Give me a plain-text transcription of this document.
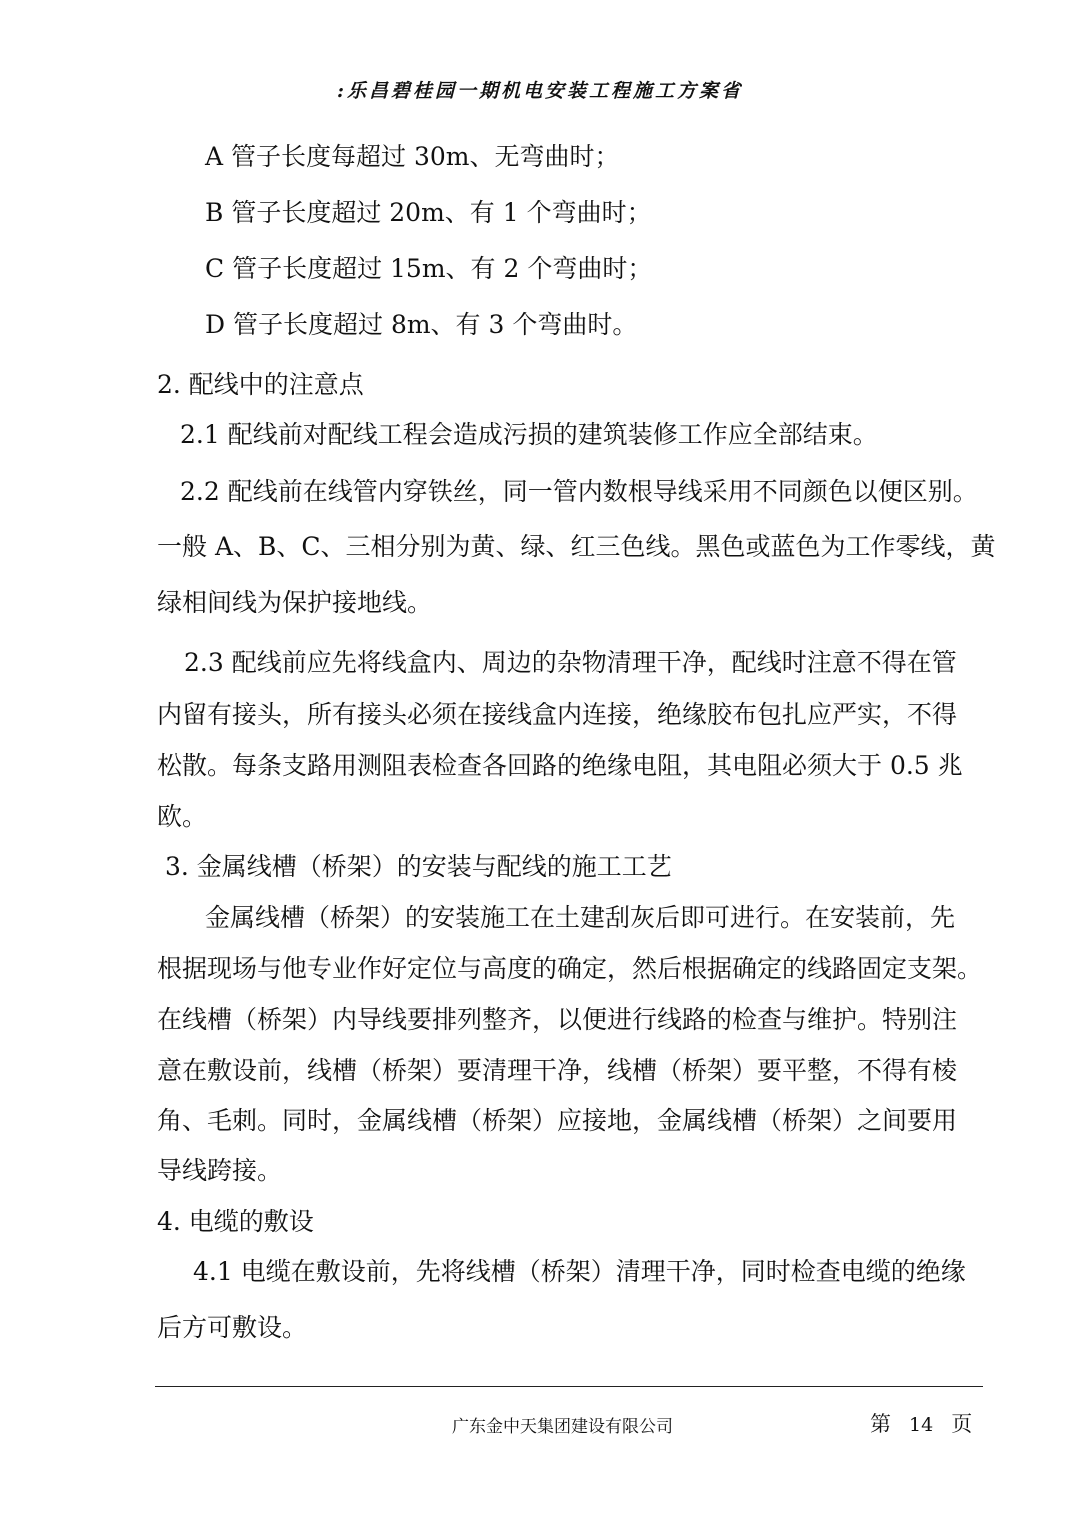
:乐昌碧桂园一期机电安装工程施工方案省
A 管子长度每超过 30m、无弯曲时；
B 管子长度超过 20m、有 1 个弯曲时；
C 管子长度超过 15m、有 2 个弯曲时；
D 管子长度超过 8m、有 3 个弯曲时。
2. 配线中的注意点
2.1 配线前对配线工程会造成污损的建筑装修工作应全部结束。
2.2 配线前在线管内穿铁丝，同一管内数根导线采用不同颜色以便区别。
一般 A、B、C、三相分别为黄、绿、红三色线。黑色或蓝色为工作零线，黄
绿相间线为保护接地线。
2.3 配线前应先将线盒内、周边的杂物清理干净，配线时注意不得在管
内留有接头，所有接头必须在接线盒内连接，绝缘胶布包扎应严实，不得
松散。每条支路用测阻表检查各回路的绝缘电阻，其电阻必须大于 0.5 兆
欧。
3. 金属线槽（桥架）的安装与配线的施工工艺
金属线槽（桥架）的安装施工在土建刮灰后即可进行。在安装前，先
根据现场与他专业作好定位与高度的确定，然后根据确定的线路固定支架。
在线槽（桥架）内导线要排列整齐，以便进行线路的检查与维护。特别注
意在敷设前，线槽（桥架）要清理干净，线槽（桥架）要平整，不得有棱
角、毛刺。同时，金属线槽（桥架）应接地，金属线槽（桥架）之间要用
导线跨接。
4. 电缆的敷设
4.1 电缆在敷设前，先将线槽（桥架）清理干净，同时检查电缆的绝缘
后方可敷设。
广东金中天集团建设有限公司	第 14 页
